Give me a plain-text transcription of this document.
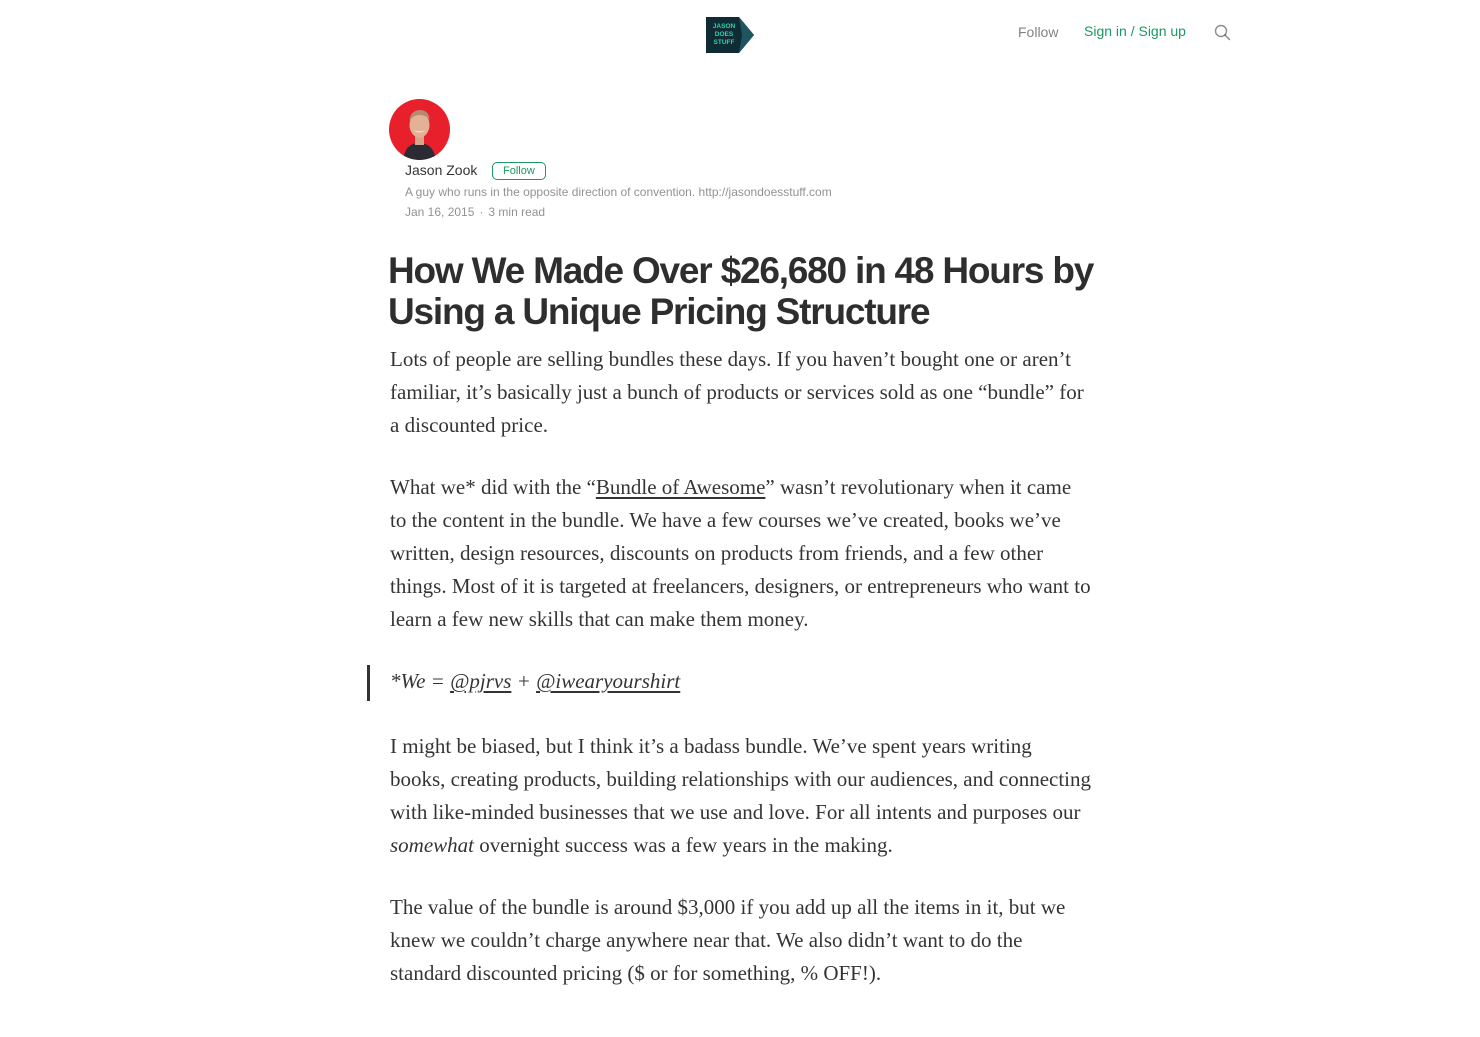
JASON
DOES
STUFF
Follow Sign in / Sign up
Jason Zook	Follow
A guy who runs in the opposite direction of convention. http://jasondoesstuff.com
Jan 16, 2015 · 3 min read
How We Made Over $26,680 in 48 Hours by Using a Unique Pricing Structure

Lots of people are selling bundles these days. If you haven’t bought one or aren’t familiar, it’s basically just a bunch of products or services sold as one “bundle” for a discounted price.

What we* did with the “Bundle of Awesome” wasn’t revolutionary when it came to the content in the bundle. We have a few courses we’ve created, books we’ve written, design resources, discounts on products from friends, and a few other things. Most of it is targeted at freelancers, designers, or entrepreneurs who want to learn a few new skills that can make them money.

*We = @pjrvs + @iwearyourshirt

I might be biased, but I think it’s a badass bundle. We’ve spent years writing books, creating products, building relationships with our audiences, and connecting with like-minded businesses that we use and love. For all intents and purposes our somewhat overnight success was a few years in the making.

The value of the bundle is around $3,000 if you add up all the items in it, but we knew we couldn’t charge anywhere near that. We also didn’t want to do the standard discounted pricing ($ or for something, % OFF!).
